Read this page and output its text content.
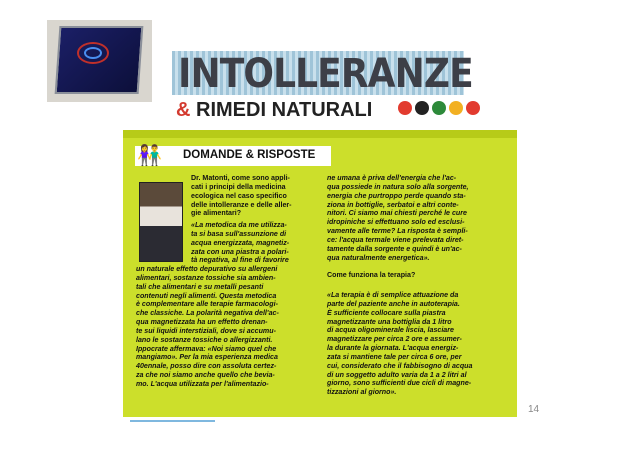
INTOLLERANZE
& RIMEDI NATURALI
👫 DOMANDE & RISPOSTE

Dr. Matonti, come sono appli-

cati i principi della medicina

ecologica nel caso specifico

delle intolleranze e delle aller-

gie alimentari?

«La metodica da me utilizza-

ta si basa sull'assunzione di

acqua energizzata, magnetiz-

zata con una piastra a polari-

tà negativa, al fine di favorire

un naturale effetto depurativo su allergeni

alimentari, sostanze tossiche sia ambien-

tali che alimentari e su metalli pesanti

contenuti negli alimenti. Questa metodica

è complementare alle terapie farmacologi-

che classiche. La polarità negativa dell'ac-

qua magnetizzata ha un effetto drenan-

te sui liquidi interstiziali, dove si accumu-

lano le sostanze tossiche o allergizzanti.

Ippocrate affermava: «Noi siamo quel che

mangiamo». Per la mia esperienza medica

40ennale, posso dire con assoluta certez-

za che noi siamo anche quello che bevia-

mo. L'acqua utilizzata per l'alimentazio-

ne umana è priva dell'energia che l'ac-

qua possiede in natura solo alla sorgente,

energia che purtroppo perde quando sta-

ziona in bottiglie, serbatoi e altri conte-

nitori. Ci siamo mai chiesti perché le cure

idropiniche si effettuano solo ed esclusi-

vamente alle terme? La risposta è sempli-

ce: l'acqua termale viene prelevata diret-

tamente dalla sorgente e quindi è un'ac-

qua naturalmente energetica».

Come funziona la terapia?

«La terapia è di semplice attuazione da

parte del paziente anche in autoterapia.

È sufficiente collocare sulla piastra

magnetizzante una bottiglia da 1 litro

di acqua oligominerale liscia, lasciare

magnetizzare per circa 2 ore e assumer-

la durante la giornata. L'acqua energiz-

zata si mantiene tale per circa 6 ore, per

cui, considerato che il fabbisogno di acqua

di un soggetto adulto varia da 1 a 2 litri al

giorno, sono sufficienti due cicli di magne-

tizzazioni al giorno».

14
